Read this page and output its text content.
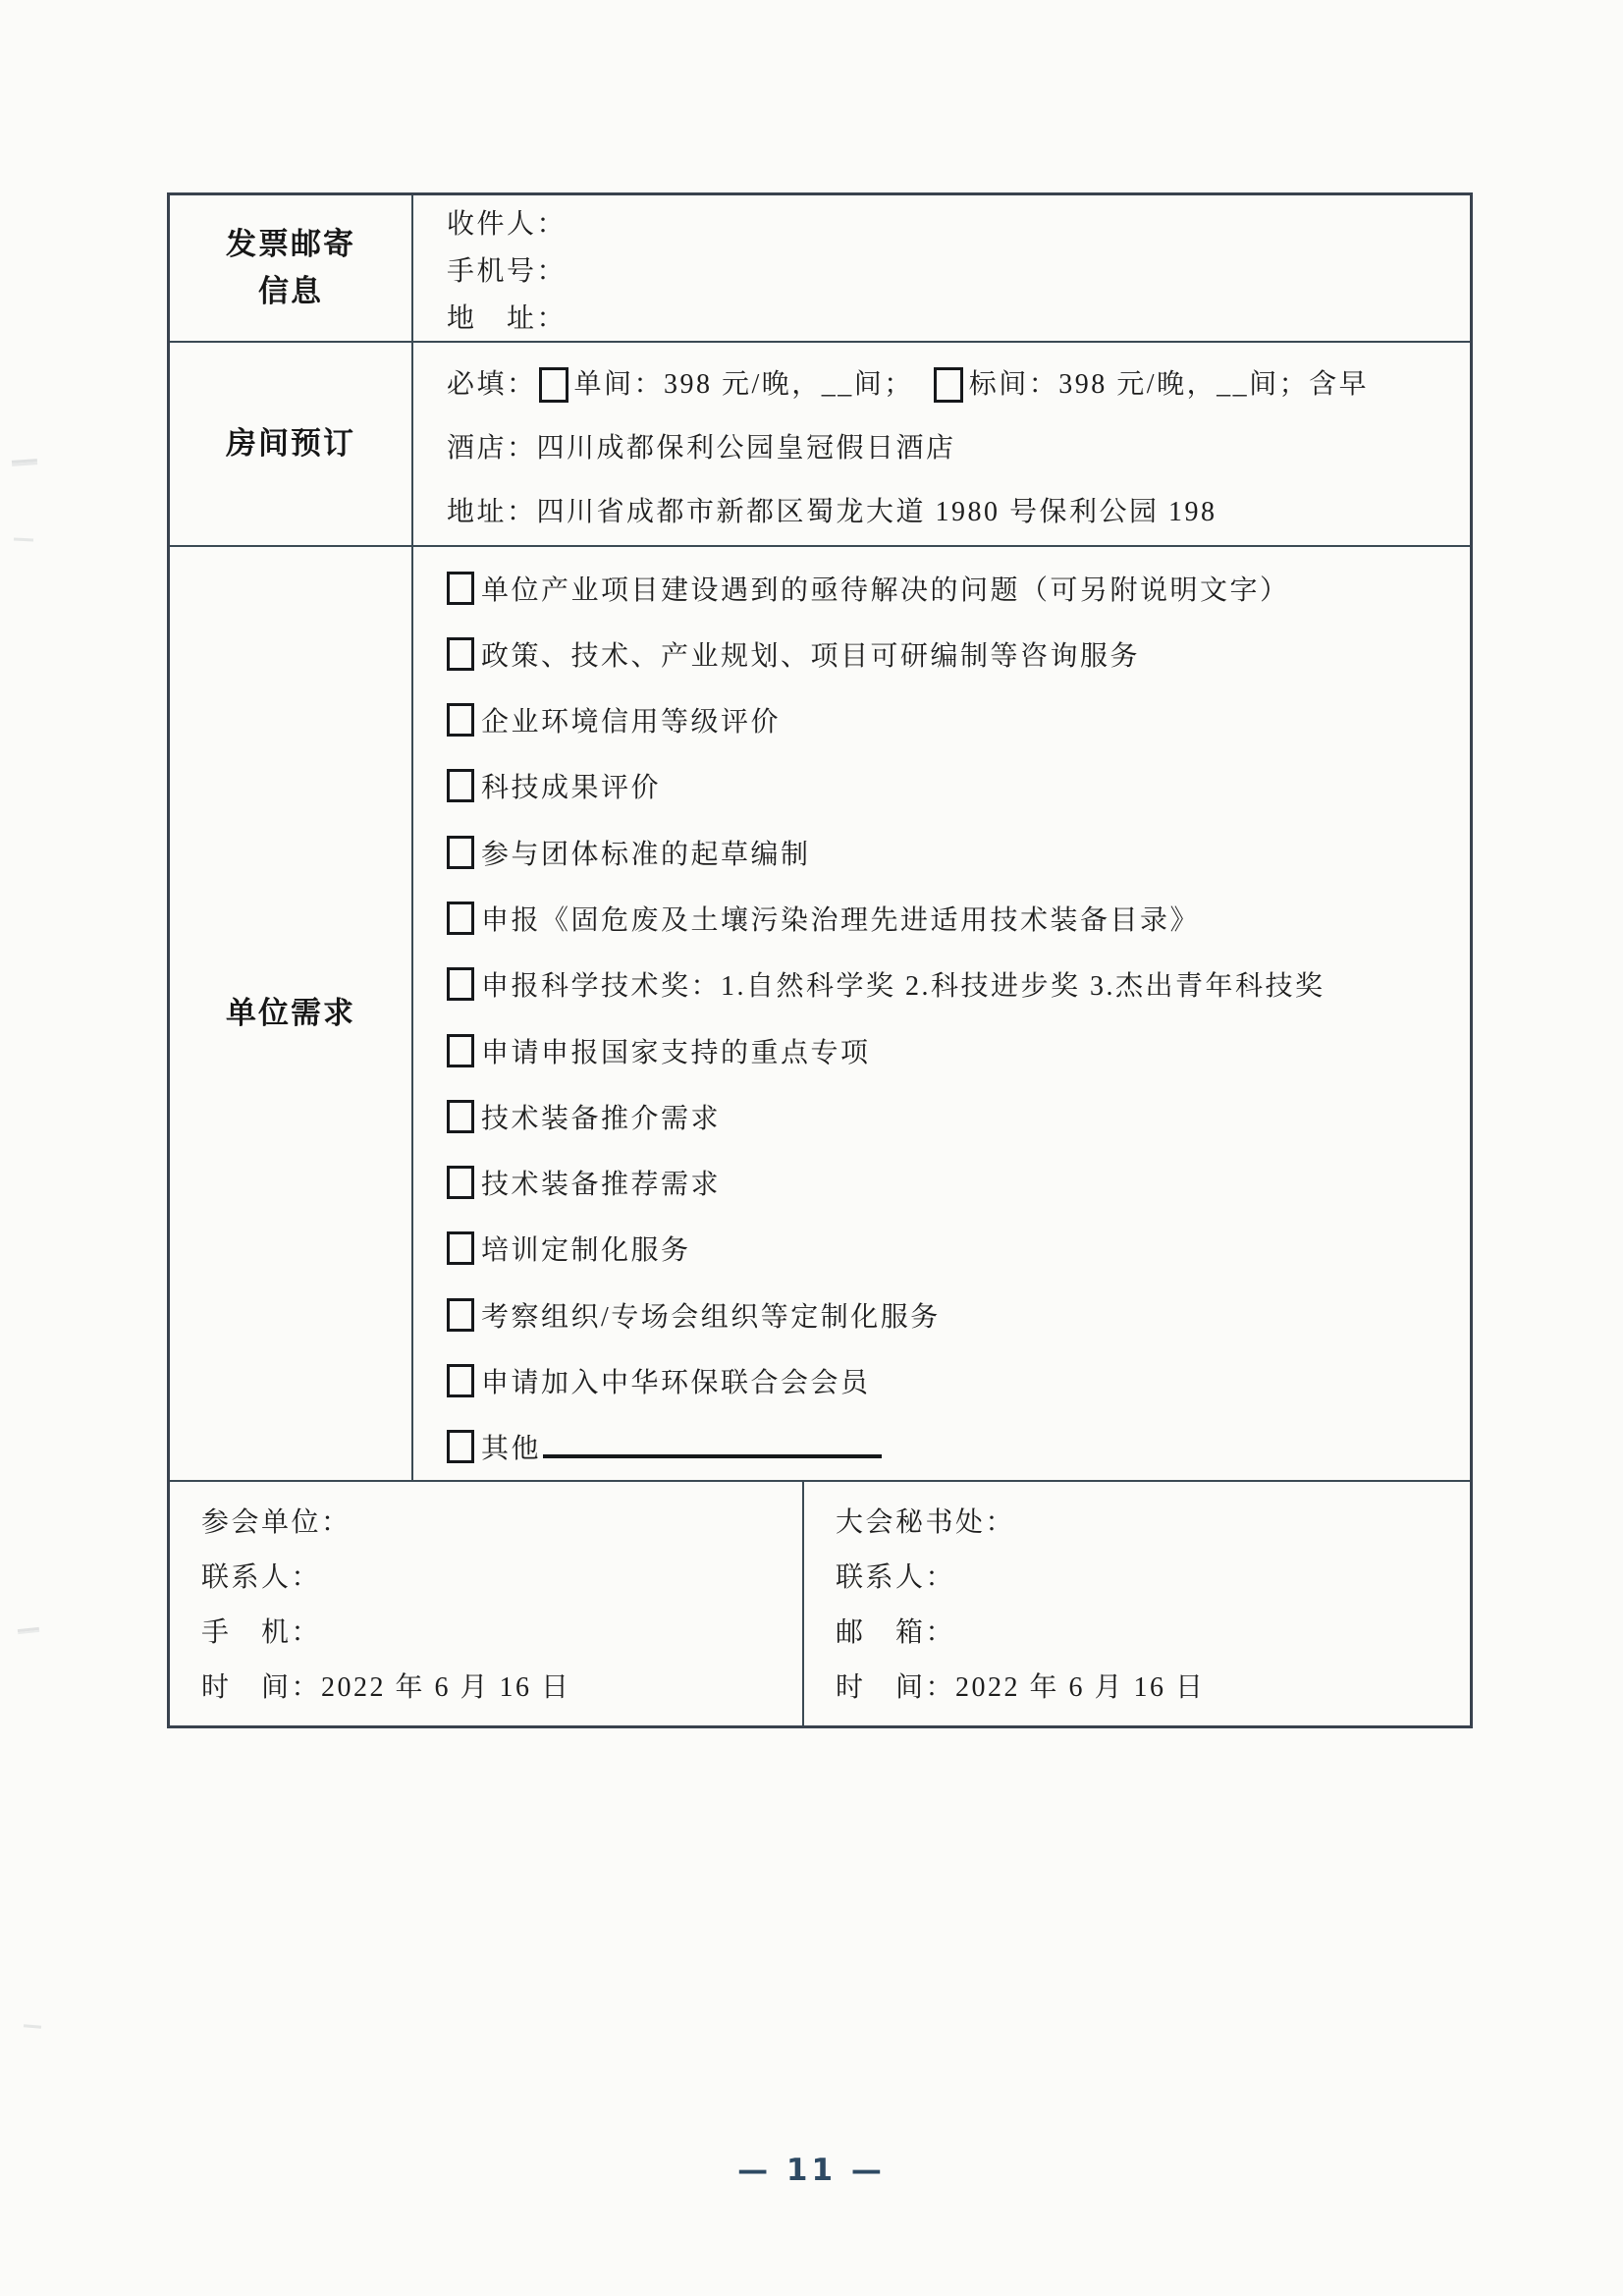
发票邮寄
信息
收件人：
手机号：
地　址：
房间预订
必填： 单间：398 元/晚，__间； 标间：398 元/晚，__间；含早
酒店：四川成都保利公园皇冠假日酒店
地址：四川省成都市新都区蜀龙大道 1980 号保利公园 198
单位需求
单位产业项目建设遇到的亟待解决的问题（可另附说明文字）
政策、技术、产业规划、项目可研编制等咨询服务
企业环境信用等级评价
科技成果评价
参与团体标准的起草编制
申报《固危废及土壤污染治理先进适用技术装备目录》
申报科学技术奖：1.自然科学奖 2.科技进步奖 3.杰出青年科技奖
申请申报国家支持的重点专项
技术装备推介需求
技术装备推荐需求
培训定制化服务
考察组织/专场会组织等定制化服务
申请加入中华环保联合会会员
其他
参会单位：
联系人：
手　机：
时　间：2022 年 6 月 16 日
大会秘书处：
联系人：
邮　箱：
时　间：2022 年 6 月 16 日
— 11 —
